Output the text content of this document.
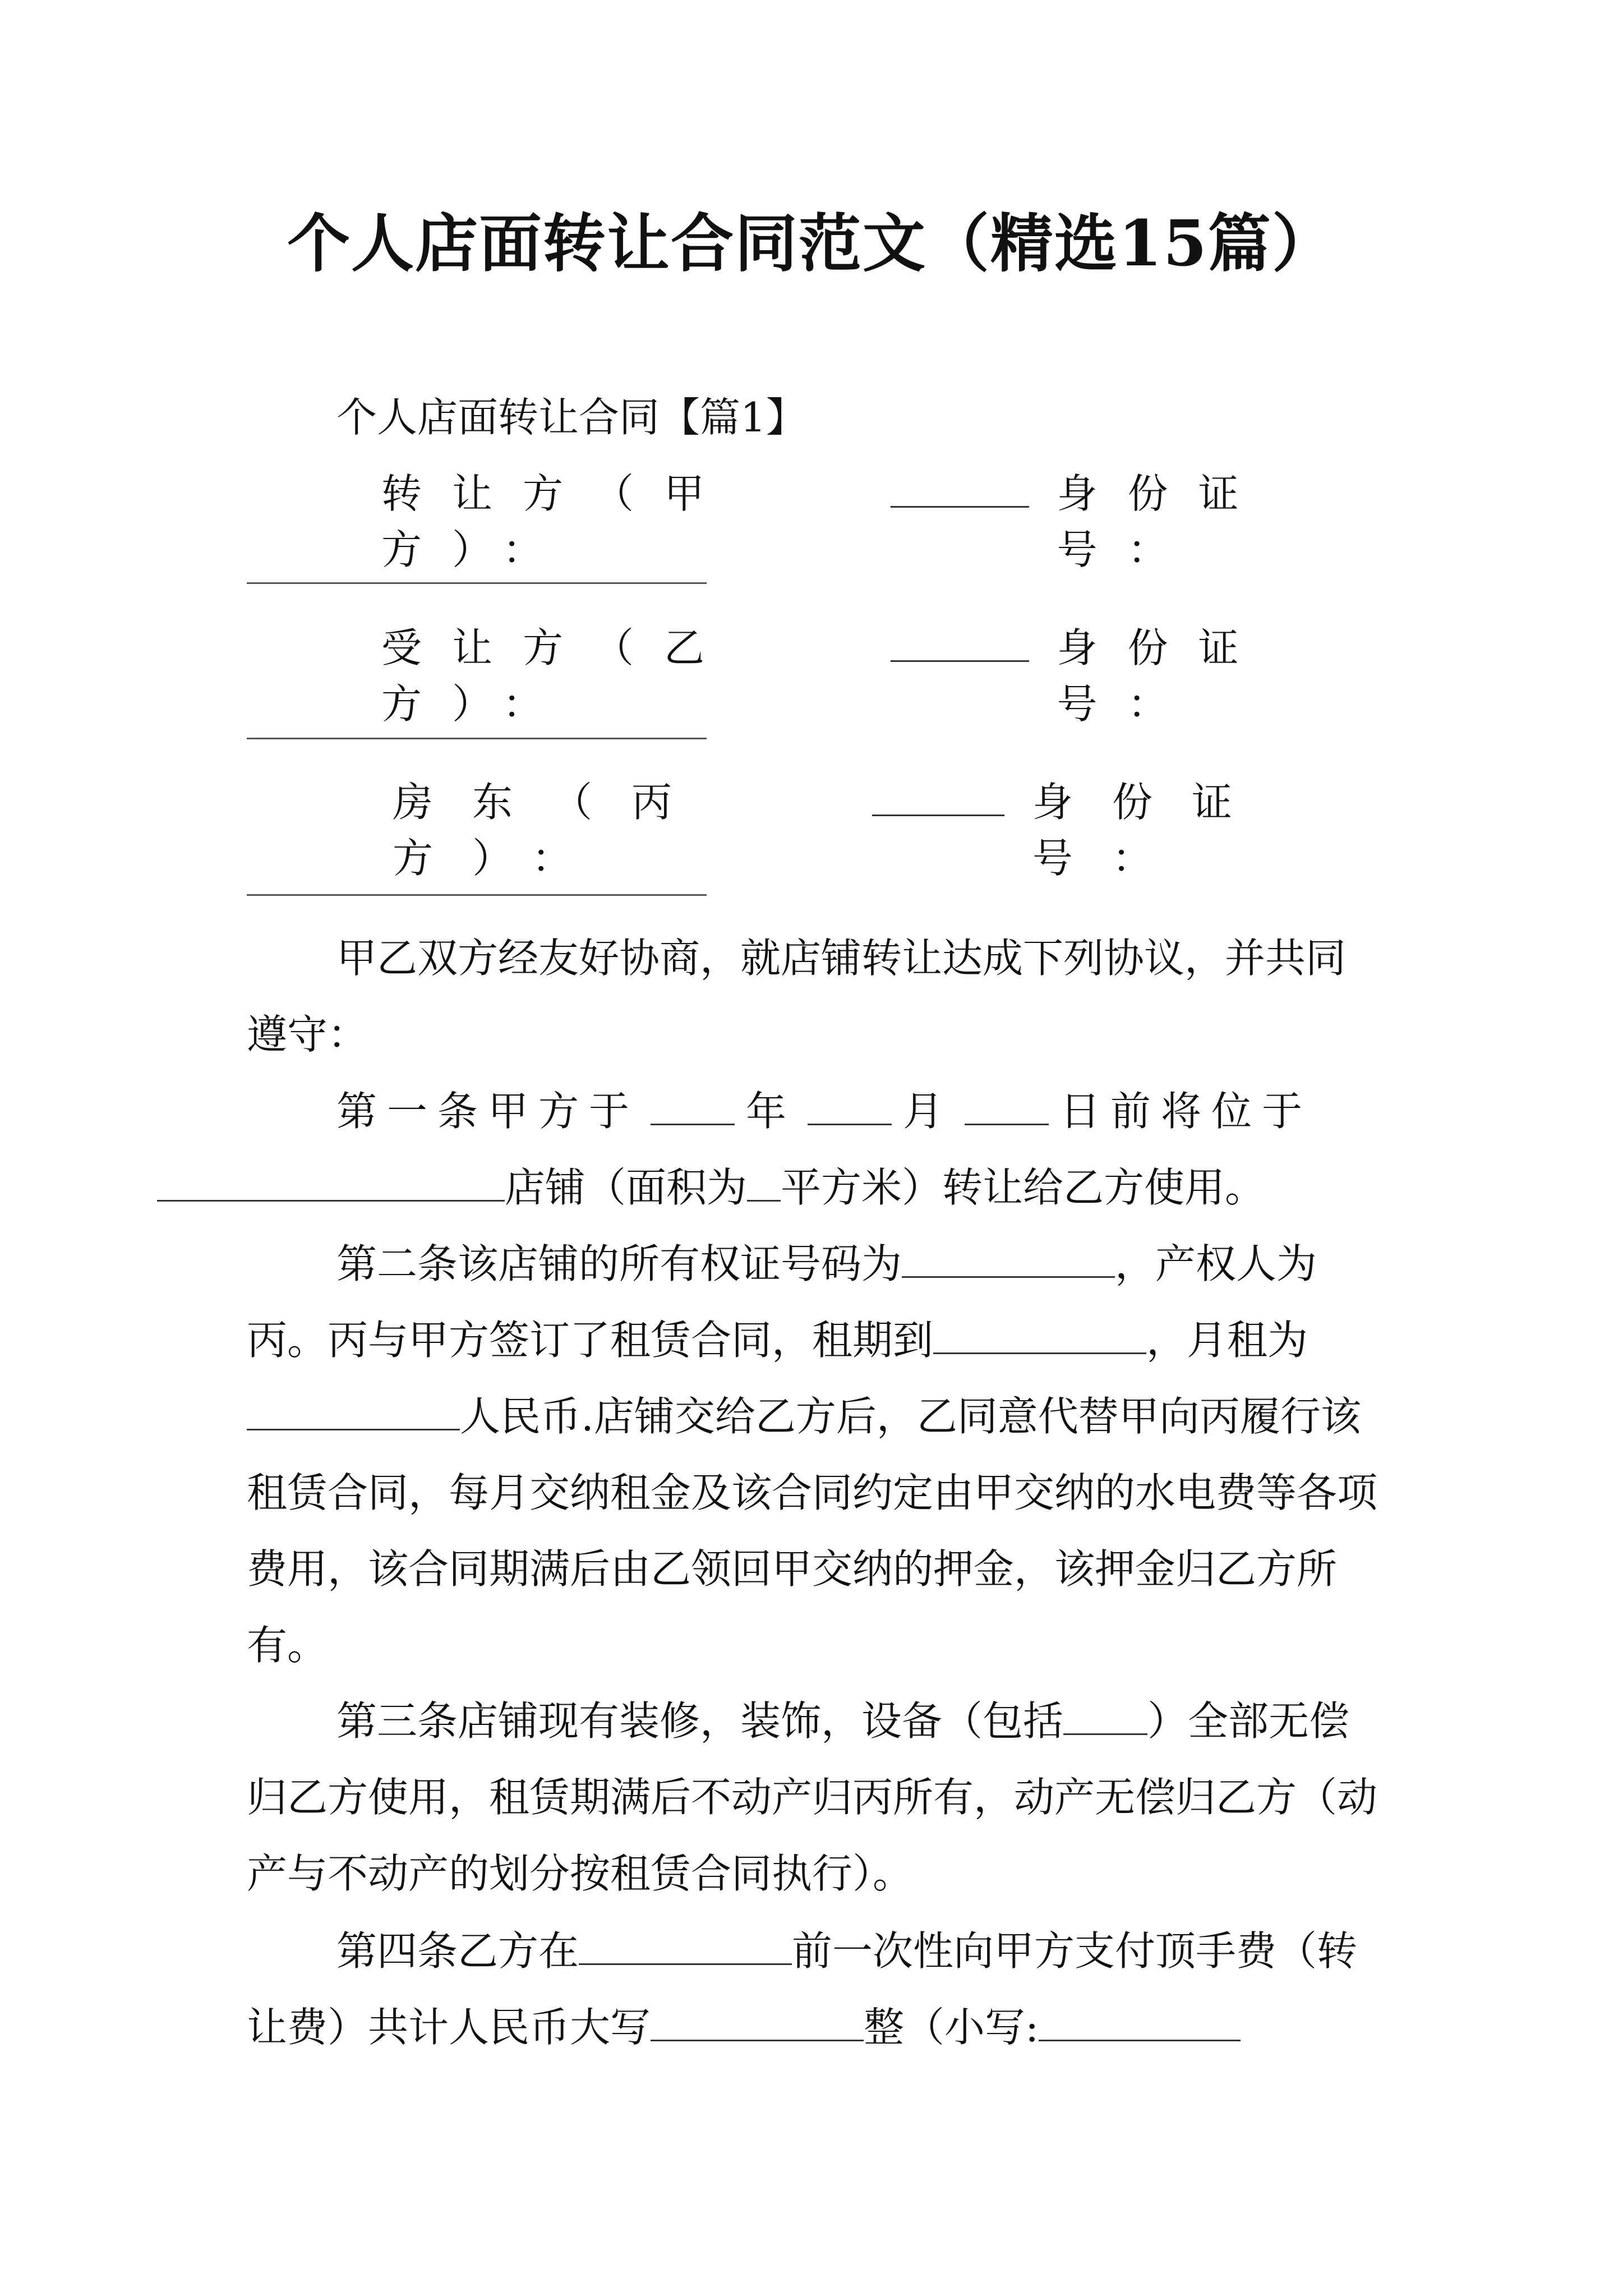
个人店面转让合同范文（精选15篇）
个人店面转让合同【篇1】
转让方（甲方）：
身份证号：
受让方（乙方）：
身份证号：
房东（丙方）：
身份证号：

甲乙双方经友好协商，就店铺转让达成下列协议，并共同遵守：

第一条甲方于	年	月	日前将位于
店铺（面积为 平方米）转让给乙方使用。

第二条该店铺的所有权证号码为	，产权人为丙。丙与甲方签订了租赁合同，租期到	，月租为人民币.店铺交给乙方后，乙同意代替甲向丙履行该租赁合同，每月交纳租金及该合同约定由甲交纳的水电费等各项费用，该合同期满后由乙领回甲交纳的押金，该押金归乙方所有。

第三条店铺现有装修，装饰，设备（包括 ）全部无偿归乙方使用，租赁期满后不动产归丙所有，动产无偿归乙方（动产与不动产的划分按租赁合同执行）。

第四条乙方在	前一次性向甲方支付顶手费（转让费）共计人民币大写	整（小写:
